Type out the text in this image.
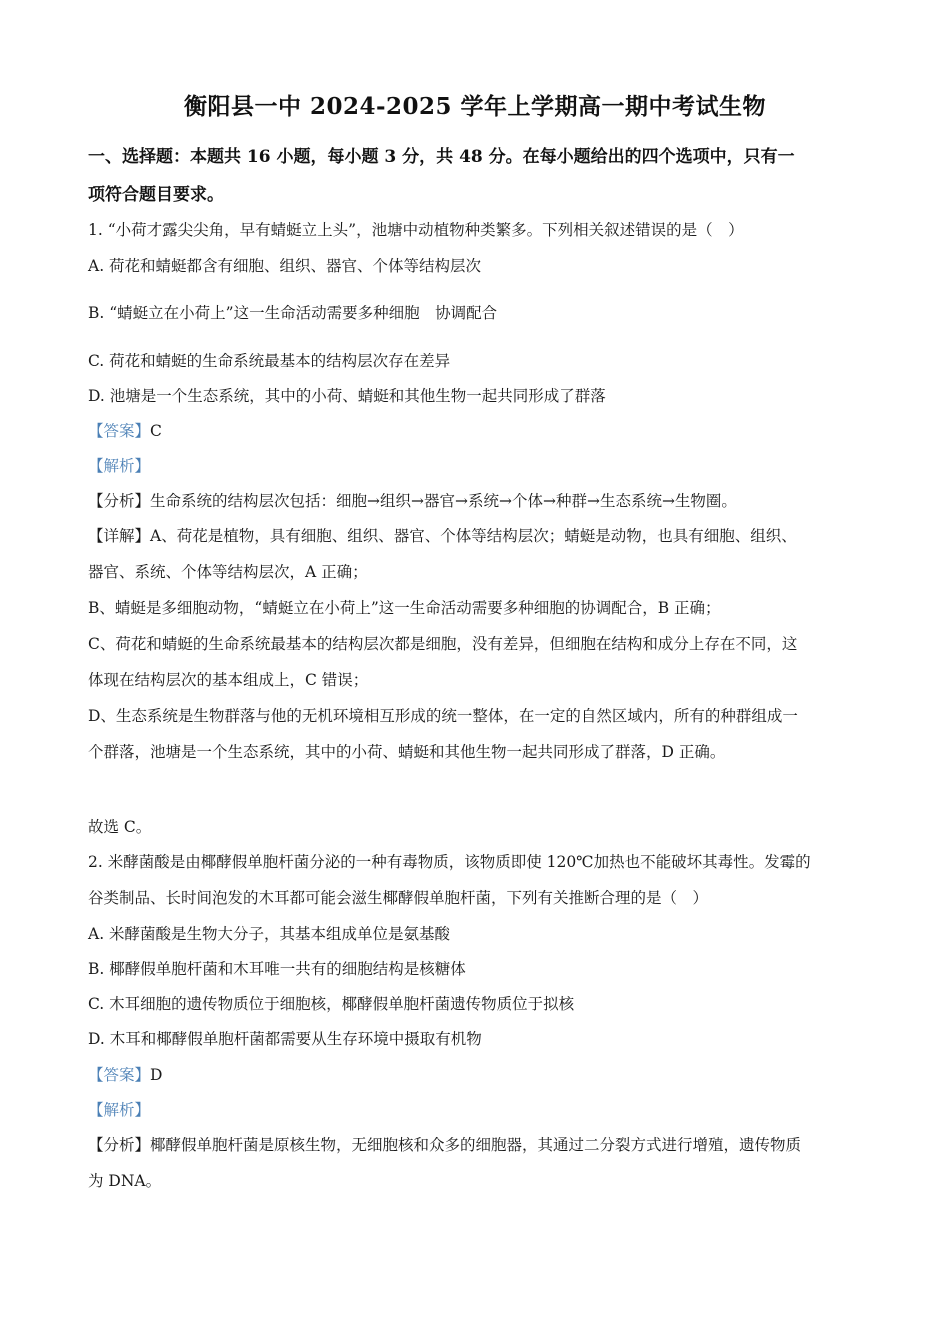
衡阳县一中 2024-2025 学年上学期高一期中考试生物

一、选择题：本题共 16 小题，每小题 3 分，共 48 分。在每小题给出的四个选项中，只有一

项符合题目要求。

1. “小荷才露尖尖角，早有蜻蜓立上头”，池塘中动植物种类繁多。下列相关叙述错误的是（　）

A. 荷花和蜻蜓都含有细胞、组织、器官、个体等结构层次

B. “蜻蜓立在小荷上”这一生命活动需要多种细胞　协调配合

C. 荷花和蜻蜓的生命系统最基本的结构层次存在差异

D. 池塘是一个生态系统，其中的小荷、蜻蜓和其他生物一起共同形成了群落

【答案】C

【解析】

【分析】生命系统的结构层次包括：细胞→组织→器官→系统→个体→种群→生态系统→生物圈。

【详解】A、荷花是植物，具有细胞、组织、器官、个体等结构层次；蜻蜓是动物，也具有细胞、组织、

器官、系统、个体等结构层次，A 正确；

B、蜻蜓是多细胞动物，“蜻蜓立在小荷上”这一生命活动需要多种细胞的协调配合，B 正确；

C、荷花和蜻蜓的生命系统最基本的结构层次都是细胞，没有差异，但细胞在结构和成分上存在不同，这

体现在结构层次的基本组成上，C 错误；

D、生态系统是生物群落与他的无机环境相互形成的统一整体，在一定的自然区域内，所有的种群组成一

个群落，池塘是一个生态系统，其中的小荷、蜻蜓和其他生物一起共同形成了群落，D 正确。

故选 C。

2. 米酵菌酸是由椰酵假单胞杆菌分泌的一种有毒物质，该物质即使 120℃加热也不能破坏其毒性。发霉的

谷类制品、长时间泡发的木耳都可能会滋生椰酵假单胞杆菌，下列有关推断合理的是（　）

A. 米酵菌酸是生物大分子，其基本组成单位是氨基酸

B. 椰酵假单胞杆菌和木耳唯一共有的细胞结构是核糖体

C. 木耳细胞的遗传物质位于细胞核，椰酵假单胞杆菌遗传物质位于拟核

D. 木耳和椰酵假单胞杆菌都需要从生存环境中摄取有机物

【答案】D

【解析】

【分析】椰酵假单胞杆菌是原核生物，无细胞核和众多的细胞器，其通过二分裂方式进行增殖，遗传物质

为 DNA。
